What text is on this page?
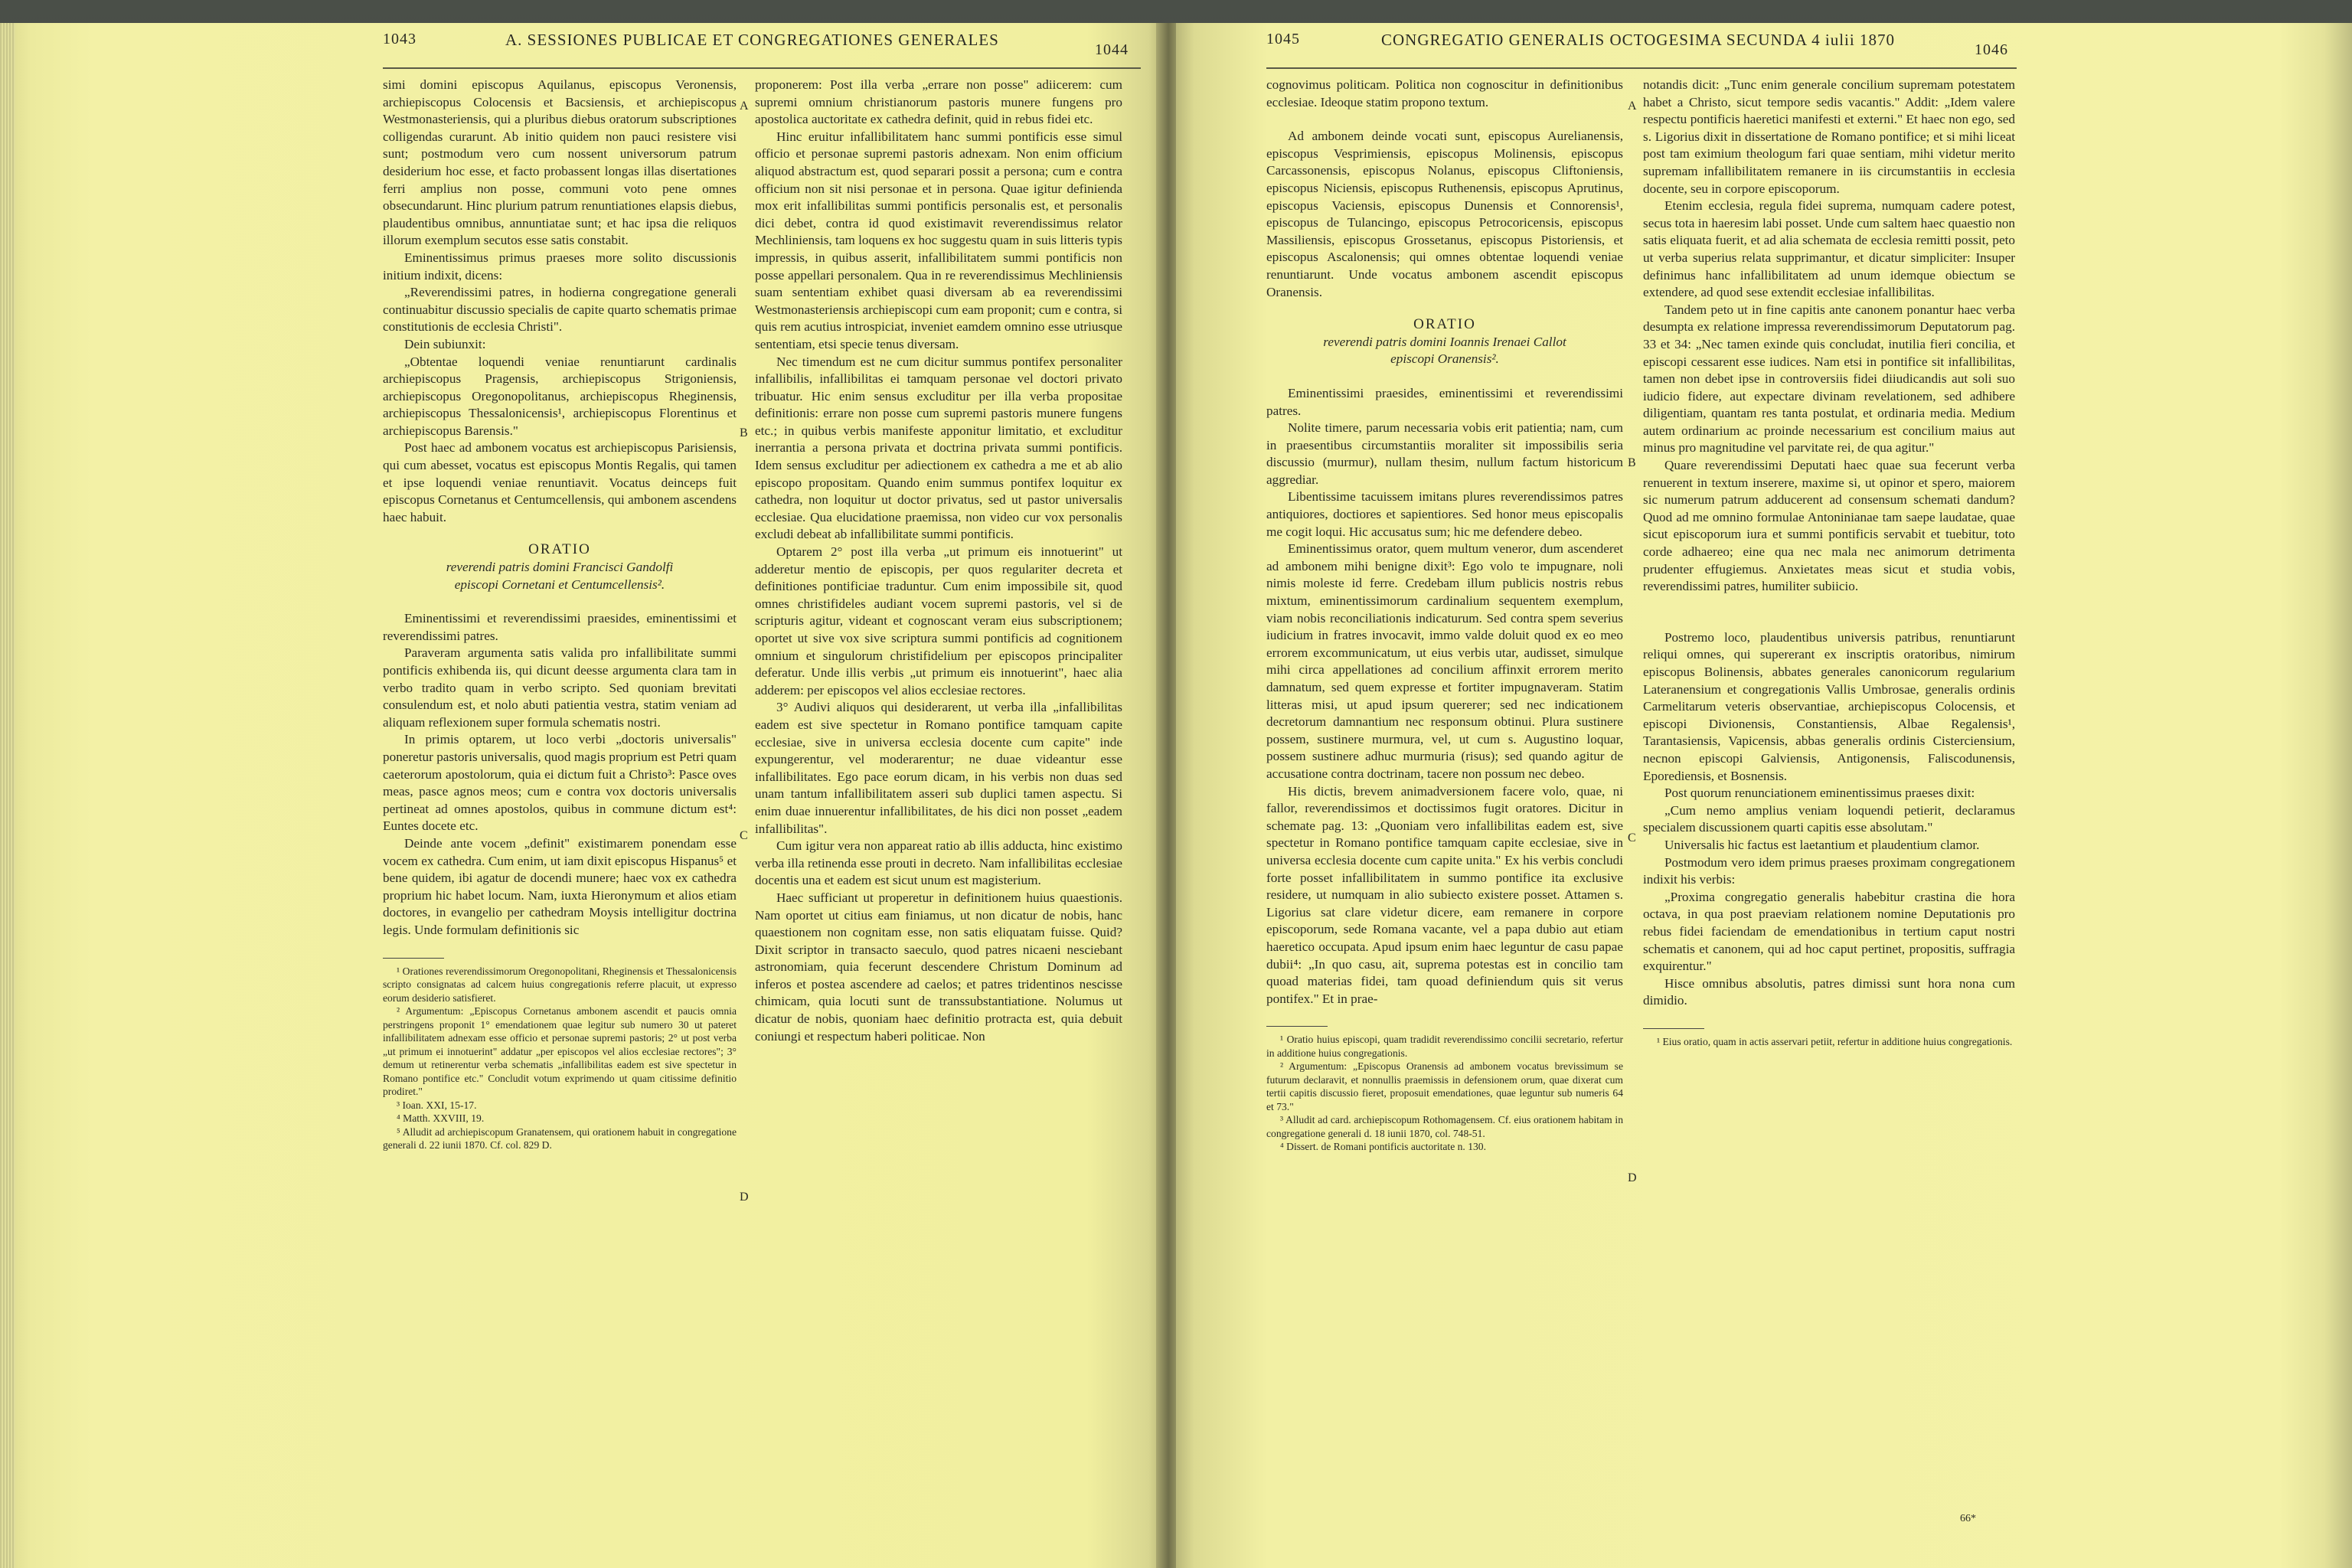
1043	A. SESSIONES PUBLICAE ET CONGREGATIONES GENERALES
1044

simi domini episcopus Aquilanus, episcopus Veronensis, archiepiscopus Colocensis et Bacsiensis, et archiepiscopus Westmonasteriensis, qui a pluribus diebus oratorum subscriptiones colligendas curarunt. Ab initio quidem non pauci resistere visi sunt; postmodum vero cum nossent universorum patrum desiderium hoc esse, et facto probassent longas illas disertationes ferri amplius non posse, communi voto pene omnes obsecundarunt. Hinc plurium patrum renuntiationes elapsis diebus, plaudentibus omnibus, annuntiatae sunt; et hac ipsa die reliquos illorum exemplum secutos esse satis constabit.

Eminentissimus primus praeses more solito discussionis initium indixit, dicens:

„Reverendissimi patres, in hodierna congregatione generali continuabitur discussio specialis de capite quarto schematis primae constitutionis de ecclesia Christi".

Dein subiunxit:

„Obtentae loquendi veniae renuntiarunt cardinalis archiepiscopus Pragensis, archiepiscopus Strigoniensis, archiepiscopus Oregonopolitanus, archiepiscopus Rheginensis, archiepiscopus Thessalonicensis¹, archiepiscopus Florentinus et archiepiscopus Barensis."

Post haec ad ambonem vocatus est archiepiscopus Parisiensis, qui cum abesset, vocatus est episcopus Montis Regalis, qui tamen et ipse loquendi veniae renuntiavit. Vocatus deinceps fuit episcopus Cornetanus et Centumcellensis, qui ambonem ascendens haec habuit.

ORATIO

reverendi patris domini Francisci Gandolfi

episcopi Cornetani et Centumcellensis².

Eminentissimi et reverendissimi praesides, eminentissimi et reverendissimi patres.

Paraveram argumenta satis valida pro infallibilitate summi pontificis exhibenda iis, qui dicunt deesse argumenta clara tam in verbo tradito quam in verbo scripto. Sed quoniam brevitati consulendum est, et nolo abuti patientia vestra, statim veniam ad aliquam reflexionem super formula schematis nostri.

In primis optarem, ut loco verbi „doctoris universalis" poneretur pastoris universalis, quod magis proprium est Petri quam caeterorum apostolorum, quia ei dictum fuit a Christo³: Pasce oves meas, pasce agnos meos; cum e contra vox doctoris universalis pertineat ad omnes apostolos, quibus in commune dictum est⁴: Euntes docete etc.

Deinde ante vocem „definit" existimarem ponendam esse vocem ex cathedra. Cum enim, ut iam dixit episcopus Hispanus⁵ et bene quidem, ibi agatur de docendi munere; haec vox ex cathedra proprium hic habet locum. Nam, iuxta Hieronymum et alios etiam doctores, in evangelio per cathedram Moysis intelligitur doctrina legis. Unde formulam definitionis sic

¹ Orationes reverendissimorum Oregonopolitani, Rheginensis et Thessalonicensis scripto consignatas ad calcem huius congregationis referre placuit, ut expresso eorum desiderio satisfieret.

² Argumentum: „Episcopus Cornetanus ambonem ascendit et paucis omnia perstringens proponit 1° emendationem quae legitur sub numero 30 ut pateret infallibilitatem adnexam esse officio et personae supremi pastoris; 2° ut post verba „ut primum ei innotuerint" addatur „per episcopos vel alios ecclesiae rectores"; 3° demum ut retinerentur verba schematis „infallibilitas eadem est sive spectetur in Romano pontifice etc." Concludit votum exprimendo ut quam citissime definitio prodiret."

³ Ioan. XXI, 15-17.

⁴ Matth. XXVIII, 19.

⁵ Alludit ad archiepiscopum Granatensem, qui orationem habuit in congregatione generali d. 22 iunii 1870. Cf. col. 829 D.

proponerem: Post illa verba „errare non posse" adiicerem: cum supremi omnium christianorum pastoris munere fungens pro apostolica auctoritate ex cathedra definit, quid in rebus fidei etc.

Hinc eruitur infallibilitatem hanc summi pontificis esse simul officio et personae supremi pastoris adnexam. Non enim officium aliquod abstractum est, quod separari possit a persona; cum e contra officium non sit nisi personae et in persona. Quae igitur definienda mox erit infallibilitas summi pontificis personalis est, et personalis dici debet, contra id quod existimavit reverendissimus relator Mechliniensis, tam loquens ex hoc suggestu quam in suis litteris typis impressis, in quibus asserit, infallibilitatem summi pontificis non posse appellari personalem. Qua in re reverendissimus Mechliniensis suam sententiam exhibet quasi diversam ab ea reverendissimi Westmonasteriensis archiepiscopi cum eam proponit; cum e contra, si quis rem acutius introspiciat, inveniet eamdem omnino esse utriusque sententiam, etsi specie tenus diversam.

Nec timendum est ne cum dicitur summus pontifex personaliter infallibilis, infallibilitas ei tamquam personae vel doctori privato tribuatur. Hic enim sensus excluditur per illa verba propositae definitionis: errare non posse cum supremi pastoris munere fungens etc.; in quibus verbis manifeste apponitur limitatio, et excluditur inerrantia a persona privata et doctrina privata summi pontificis. Idem sensus excluditur per adiectionem ex cathedra a me et ab alio episcopo propositam. Quando enim summus pontifex loquitur ex cathedra, non loquitur ut doctor privatus, sed ut pastor universalis ecclesiae. Qua elucidatione praemissa, non video cur vox personalis excludi debeat ab infallibilitate summi pontificis.

Optarem 2° post illa verba „ut primum eis innotuerint" ut adderetur mentio de episcopis, per quos regulariter decreta et definitiones pontificiae traduntur. Cum enim impossibile sit, quod omnes christifideles audiant vocem supremi pastoris, vel si de scripturis agitur, videant et cognoscant veram eius subscriptionem; oportet ut sive vox sive scriptura summi pontificis ad cognitionem omnium et singulorum christifidelium per episcopos principaliter deferatur. Unde illis verbis „ut primum eis innotuerint", haec alia adderem: per episcopos vel alios ecclesiae rectores.

3° Audivi aliquos qui desiderarent, ut verba illa „infallibilitas eadem est sive spectetur in Romano pontifice tamquam capite ecclesiae, sive in universa ecclesia docente cum capite" inde expungerentur, vel moderarentur; ne duae videantur esse infallibilitates. Ego pace eorum dicam, in his verbis non duas sed unam tantum infallibilitatem asseri sub duplici tamen aspectu. Si enim duae innuerentur infallibilitates, de his dici non posset „eadem infallibilitas".

Cum igitur vera non appareat ratio ab illis adducta, hinc existimo verba illa retinenda esse prouti in decreto. Nam infallibilitas ecclesiae docentis una et eadem est sicut unum est magisterium.

Haec sufficiant ut properetur in definitionem huius quaestionis. Nam oportet ut citius eam finiamus, ut non dicatur de nobis, hanc quaestionem non cognitam esse, non satis eliquatam fuisse. Quid? Dixit scriptor in transacto saeculo, quod patres nicaeni nesciebant astronomiam, quia fecerunt descendere Christum Dominum ad inferos et postea ascendere ad caelos; et patres tridentinos nescisse chimicam, quia locuti sunt de transsubstantiatione. Nolumus ut dicatur de nobis, quoniam haec definitio protracta est, quia debuit coniungi et respectum haberi politicae. Non

A
B
C
D
1045	CONGREGATIO GENERALIS OCTOGESIMA SECUNDA 4 iulii 1870
1046

cognovimus politicam. Politica non cognoscitur in definitionibus ecclesiae. Ideoque statim propono textum.

Ad ambonem deinde vocati sunt, episcopus Aurelianensis, episcopus Vesprimiensis, episcopus Molinensis, episcopus Carcassonensis, episcopus Nolanus, episcopus Cliftoniensis, episcopus Niciensis, episcopus Ruthenensis, episcopus Aprutinus, episcopus Vaciensis, episcopus Dunensis et Connorensis¹, episcopus de Tulancingo, episcopus Petrocoricensis, episcopus Massiliensis, episcopus Grossetanus, episcopus Pistoriensis, et episcopus Ascalonensis; qui omnes obtentae loquendi veniae renuntiarunt. Unde vocatus ambonem ascendit episcopus Oranensis.

ORATIO

reverendi patris domini Ioannis Irenaei Callot

episcopi Oranensis².

Eminentissimi praesides, eminentissimi et reverendissimi patres.

Nolite timere, parum necessaria vobis erit patientia; nam, cum in praesentibus circumstantiis moraliter sit impossibilis seria discussio (murmur), nullam thesim, nullum factum historicum aggrediar.

Libentissime tacuissem imitans plures reverendissimos patres antiquiores, doctiores et sapientiores. Sed honor meus episcopalis me cogit loqui. Hic accusatus sum; hic me defendere debeo.

Eminentissimus orator, quem multum veneror, dum ascenderet ad ambonem mihi benigne dixit³: Ego volo te impugnare, noli nimis moleste id ferre. Credebam illum publicis nostris rebus mixtum, eminentissimorum cardinalium sequentem exemplum, viam nobis reconciliationis indicaturum. Sed contra spem severius iudicium in fratres invocavit, immo valde doluit quod ex eo meo errorem excommunicatum, ut eius verbis utar, audisset, simulque mihi circa appellationes ad concilium affinxit errorem merito damnatum, sed quem expresse et fortiter impugnaveram. Statim litteras misi, ut apud ipsum quererer; sed nec indicationem decretorum damnantium nec responsum obtinui. Plura sustinere possem, sustinere murmura, vel, ut cum s. Augustino loquar, possem sustinere adhuc murmuria (risus); sed quando agitur de accusatione contra doctrinam, tacere non possum nec debeo.

His dictis, brevem animadversionem facere volo, quae, ni fallor, reverendissimos et doctissimos fugit oratores. Dicitur in schemate pag. 13: „Quoniam vero infallibilitas eadem est, sive spectetur in Romano pontifice tamquam capite ecclesiae, sive in universa ecclesia docente cum capite unita." Ex his verbis concludi forte posset infallibilitatem in summo pontifice ita exclusive residere, ut numquam in alio subiecto existere posset. Attamen s. Ligorius sat clare videtur dicere, eam remanere in corpore episcoporum, sede Romana vacante, vel a papa dubio aut etiam haeretico occupata. Apud ipsum enim haec leguntur de casu papae dubii⁴: „In quo casu, ait, suprema potestas est in concilio tam quoad materias fidei, tam quoad definiendum quis sit verus pontifex." Et in prae-

¹ Oratio huius episcopi, quam tradidit reverendissimo concilii secretario, refertur in additione huius congregationis.

² Argumentum: „Episcopus Oranensis ad ambonem vocatus brevissimum se futurum declaravit, et nonnullis praemissis in defensionem orum, quae dixerat cum tertii capitis discussio fieret, proposuit emendationes, quae leguntur sub numeris 64 et 73."

³ Alludit ad card. archiepiscopum Rothomagensem. Cf. eius orationem habitam in congregatione generali d. 18 iunii 1870, col. 748-51.

⁴ Dissert. de Romani pontificis auctoritate n. 130.

notandis dicit: „Tunc enim generale concilium supremam potestatem habet a Christo, sicut tempore sedis vacantis." Addit: „Idem valere respectu pontificis haeretici manifesti et externi." Et haec non ego, sed s. Ligorius dixit in dissertatione de Romano pontifice; et si mihi liceat post tam eximium theologum fari quae sentiam, mihi videtur merito supremam infallibilitatem remanere in iis circumstantiis in ecclesia docente, seu in corpore episcoporum.

Etenim ecclesia, regula fidei suprema, numquam cadere potest, secus tota in haeresim labi posset. Unde cum saltem haec quaestio non satis eliquata fuerit, et ad alia schemata de ecclesia remitti possit, peto ut verba superius relata supprimantur, et dicatur simpliciter: Insuper definimus hanc infallibilitatem ad unum idemque obiectum se extendere, ad quod sese extendit ecclesiae infallibilitas.

Tandem peto ut in fine capitis ante canonem ponantur haec verba desumpta ex relatione impressa reverendissimorum Deputatorum pag. 33 et 34: „Nec tamen exinde quis concludat, inutilia fieri concilia, et episcopi cessarent esse iudices. Nam etsi in pontifice sit infallibilitas, tamen non debet ipse in controversiis fidei diiudicandis aut soli suo iudicio fidere, aut expectare divinam revelationem, sed adhibere diligentiam, quantam res tanta postulat, et ordinaria media. Medium autem ordinarium ac proinde necessarium est concilium maius aut minus pro magnitudine vel parvitate rei, de qua agitur."

Quare reverendissimi Deputati haec quae sua fecerunt verba renuerent in textum inserere, maxime si, ut opinor et spero, maiorem sic numerum patrum adducerent ad consensum schemati dandum? Quod ad me omnino formulae Antoninianae tam saepe laudatae, quae sicut episcoporum iura et summi pontificis servabit et tuebitur, toto corde adhaereo; eine qua nec mala nec animorum detrimenta prudenter effugiemus. Anxietates meas sicut et studia vobis, reverendissimi patres, humiliter subiicio.

Postremo loco, plaudentibus universis patribus, renuntiarunt reliqui omnes, qui supererant ex inscriptis oratoribus, nimirum episcopus Bolinensis, abbates generales canonicorum regularium Lateranensium et congregationis Vallis Umbrosae, generalis ordinis Carmelitarum veteris observantiae, archiepiscopus Colocensis, et episcopi Divionensis, Constantiensis, Albae Regalensis¹, Tarantasiensis, Vapicensis, abbas generalis ordinis Cisterciensium, necnon episcopi Galviensis, Antigonensis, Faliscodunensis, Eporediensis, et Bosnensis.

Post quorum renunciationem eminentissimus praeses dixit:

„Cum nemo amplius veniam loquendi petierit, declaramus specialem discussionem quarti capitis esse absolutam."

Universalis hic factus est laetantium et plaudentium clamor.

Postmodum vero idem primus praeses proximam congregationem indixit his verbis:

„Proxima congregatio generalis habebitur crastina die hora octava, in qua post praeviam relationem nomine Deputationis pro rebus fidei faciendam de emendationibus in tertium caput nostri schematis et canonem, qui ad hoc caput pertinet, propositis, suffragia exquirentur."

Hisce omnibus absolutis, patres dimissi sunt hora nona cum dimidio.

¹ Eius oratio, quam in actis asservari petiit, refertur in additione huius congregationis.

A
B
C
D
66*
